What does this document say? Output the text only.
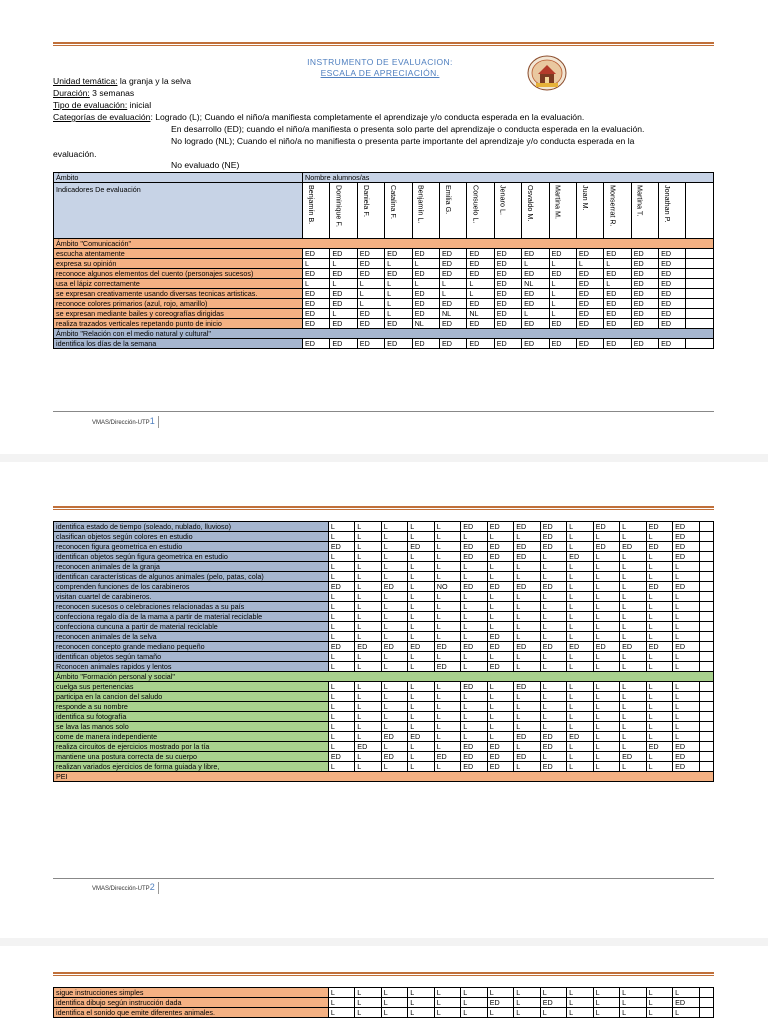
INSTRUMENTO DE EVALUACION:
ESCALA DE APRECIACIÓN.
Unidad temática: la granja y la selva
Duración: 3 semanas
Tipo de evaluación: inicial
Categorías de evaluación: Logrado (L); Cuando el niño/a manifiesta completamente el aprendizaje y/o conducta esperada en la evaluación.
En desarrollo (ED); cuando el niño/a manifiesta o presenta solo parte del aprendizaje o conducta esperada en la evaluación.
No logrado (NL); Cuando el niño/a no manifiesta o presenta parte importante del aprendizaje y/o conducta esperada en la
evaluación.
No evaluado (NE)
Ámbito	Nombre alumnos/as														

Indicadores De evaluación	Benjamín B.	Dominique F.	Daniela F.	Catalina F.	Benjamín L.	Emilia G.	Consuelo L.	Jenaro L.	Osvaldo M.	Martina M.	Juan M.	Monserrat R.	Martina T.	Jonathan P.	

Ámbito "Comunicación"															
escucha atentamente	ED	ED	ED	ED	ED	ED	ED	ED	ED	ED	ED	ED	ED	ED	
expresa su opinión	L	L	ED	L	L	ED	ED	ED	L	L	L	L	ED	ED	
reconoce algunos elementos del cuento (personajes sucesos)	ED	ED	ED	ED	ED	ED	ED	ED	ED	ED	ED	ED	ED	ED	
usa el lápiz correctamente	L	L	L	L	L	L	L	ED	NL	L	ED	L	ED	ED	
se expresan creativamente usando diversas tecnicas artisticas.	ED	ED	L	L	ED	L	L	ED	ED	L	ED	ED	ED	ED	
reconoce colores primarios (azul, rojo, amarillo)	ED	ED	L	L	ED	ED	ED	ED	ED	L	ED	ED	ED	ED	
se expresan mediante bailes y coreografías dirigidas	ED	L	ED	L	ED	NL	NL	ED	L	L	ED	ED	ED	ED	
realiza trazados verticales repetando punto de inicio	ED	ED	ED	ED	NL	ED	ED	ED	ED	ED	ED	ED	ED	ED	
Ámbito "Relación con el medio natural y cultural"															
identifica los días de la semana	ED	ED	ED	ED	ED	ED	ED	ED	ED	ED	ED	ED	ED	ED	
VMAS/Dirección-UTP1
identifica estado de tiempo (soleado, nublado, lluvioso)	L	L	L	L	L	ED	ED	ED	ED	L	ED	L	ED	ED	
clasifican objetos según colores en estudio	L	L	L	L	L	L	L	L	ED	L	L	L	L	ED	
reconocen figura geometrica en estudio	ED	L	L	ED	L	ED	ED	ED	ED	L	ED	ED	ED	ED	
identifican objetos según figura geometrica en estudio	L	L	L	L	L	ED	ED	ED	L	ED	L	L	L	ED	
reconocen animales de la granja	L	L	L	L	L	L	L	L	L	L	L	L	L	L	
identifican características de algunos animales (pelo, patas, cola)	L	L	L	L	L	L	L	L	L	L	L	L	L	L	
comprenden funciones de los carabineros	ED	L	ED	L	NO	ED	ED	ED	ED	L	L	L	ED	ED	
visitan cuartel de carabineros.	L	L	L	L	L	L	L	L	L	L	L	L	L	L	
reconocen sucesos o celebraciones relacionadas a su país	L	L	L	L	L	L	L	L	L	L	L	L	L	L	
confecciona regalo día de la mama a partir de material reciclable	L	L	L	L	L	L	L	L	L	L	L	L	L	L	
confecciona cuncuna a partir de material reciclable	L	L	L	L	L	L	L	L	L	L	L	L	L	L	
reconocen animales de la selva	L	L	L	L	L	L	ED	L	L	L	L	L	L	L	
reconocen concepto grande mediano pequeño	ED	ED	ED	ED	ED	ED	ED	ED	ED	ED	ED	ED	ED	ED	
identifican objetos según tamaño	L	L	L	L	L	L	L	L	L	L	L	L	L	L	
Rconocen animales rapidos y lentos	L	L	L	L	ED	L	ED	L	L	L	L	L	L	L	
Ámbito "Formación personal y social"															
cuelga sus pertenencias	L	L	L	L	L	ED	L	ED	L	L	L	L	L	L	
participa en la cancion del saludo	L	L	L	L	L	L	L	L	L	L	L	L	L	L	
responde a su nombre	L	L	L	L	L	L	L	L	L	L	L	L	L	L	
identifica su fotografía	L	L	L	L	L	L	L	L	L	L	L	L	L	L	
se lava las manos solo	L	L	L	L	L	L	L	L	L	L	L	L	L	L	
come de manera independiente	L	L	ED	ED	L	L	L	ED	ED	ED	L	L	L	L	
realiza circuitos de ejercicios mostrado por la tía	L	ED	L	L	L	ED	ED	L	ED	L	L	L	ED	ED	
mantiene una postura correcta de su cuerpo	ED	L	ED	L	ED	ED	ED	ED	L	L	L	ED	L	ED	
realizan variados ejercicios de forma guiada y libre,	L	L	L	L	L	ED	ED	L	ED	L	L	L	L	ED	
PEI															
VMAS/Dirección-UTP2
sigue instrucciones simples	L	L	L	L	L	L	L	L	L	L	L	L	L	L	
identifica dibujo según instrucción dada	L	L	L	L	L	L	ED	L	ED	L	L	L	L	ED	
identifica el sonido que emite diferentes animales.	L	L	L	L	L	L	L	L	L	L	L	L	L	L	
